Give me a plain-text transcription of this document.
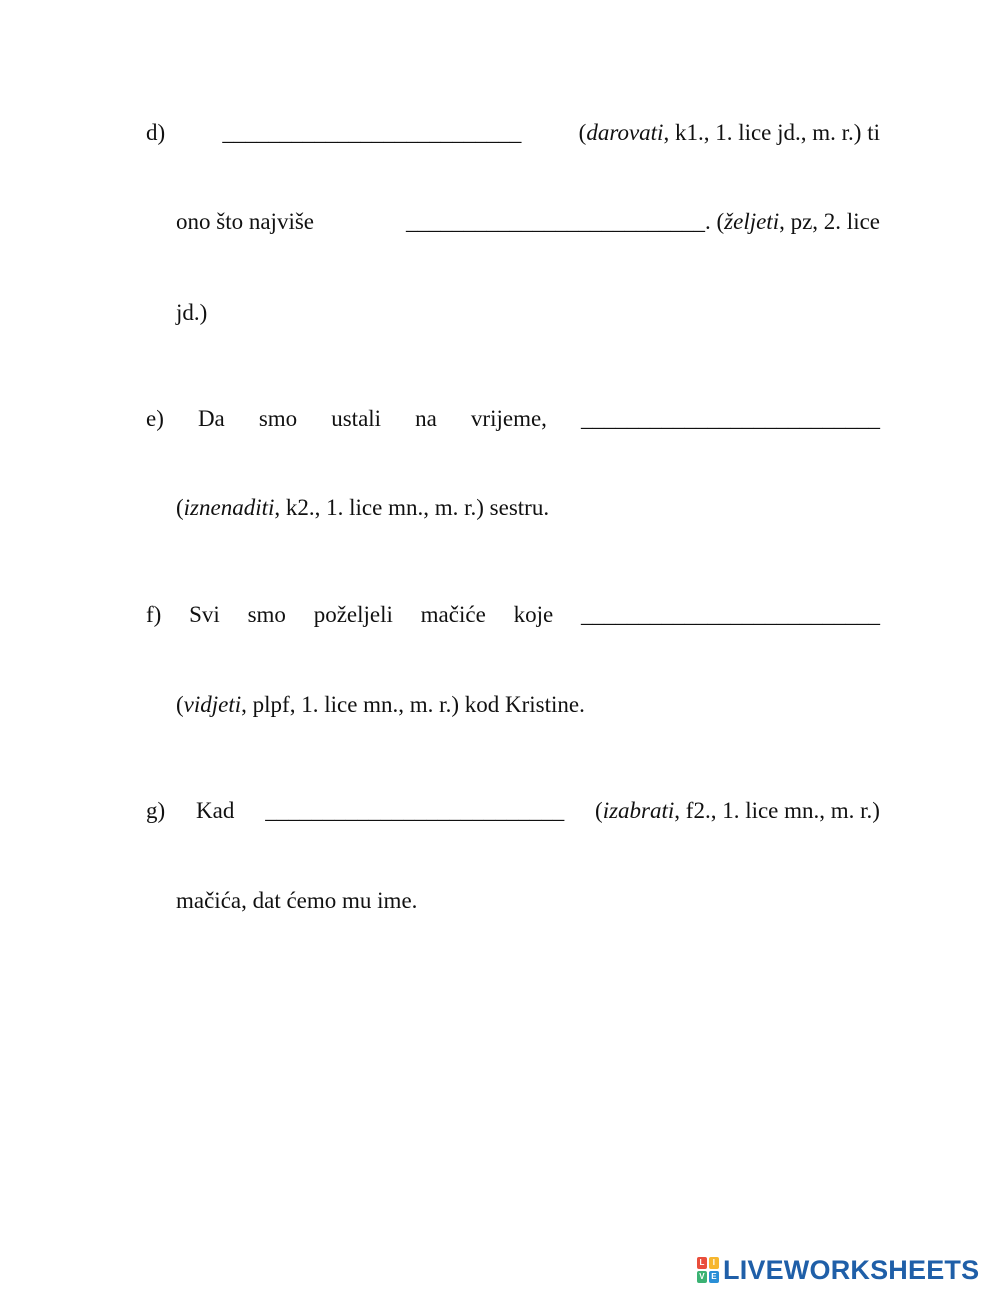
d) __________________________ (darovati, k1., 1. lice jd., m. r.) ti
ono što najviše	__________________________. (željeti, pz, 2. lice
jd.)
e) Da smo ustali na vrijeme, __________________________
(iznenaditi, k2., 1. lice mn., m. r.) sestru.
f) Svi smo poželjeli mačiće koje __________________________
(vidjeti, plpf, 1. lice mn., m. r.) kod Kristine.
g) Kad __________________________ (izabrati, f2., 1. lice mn., m. r.)
mačića, dat ćemo mu ime.
L	I
V E LIVEWORKSHEETS
